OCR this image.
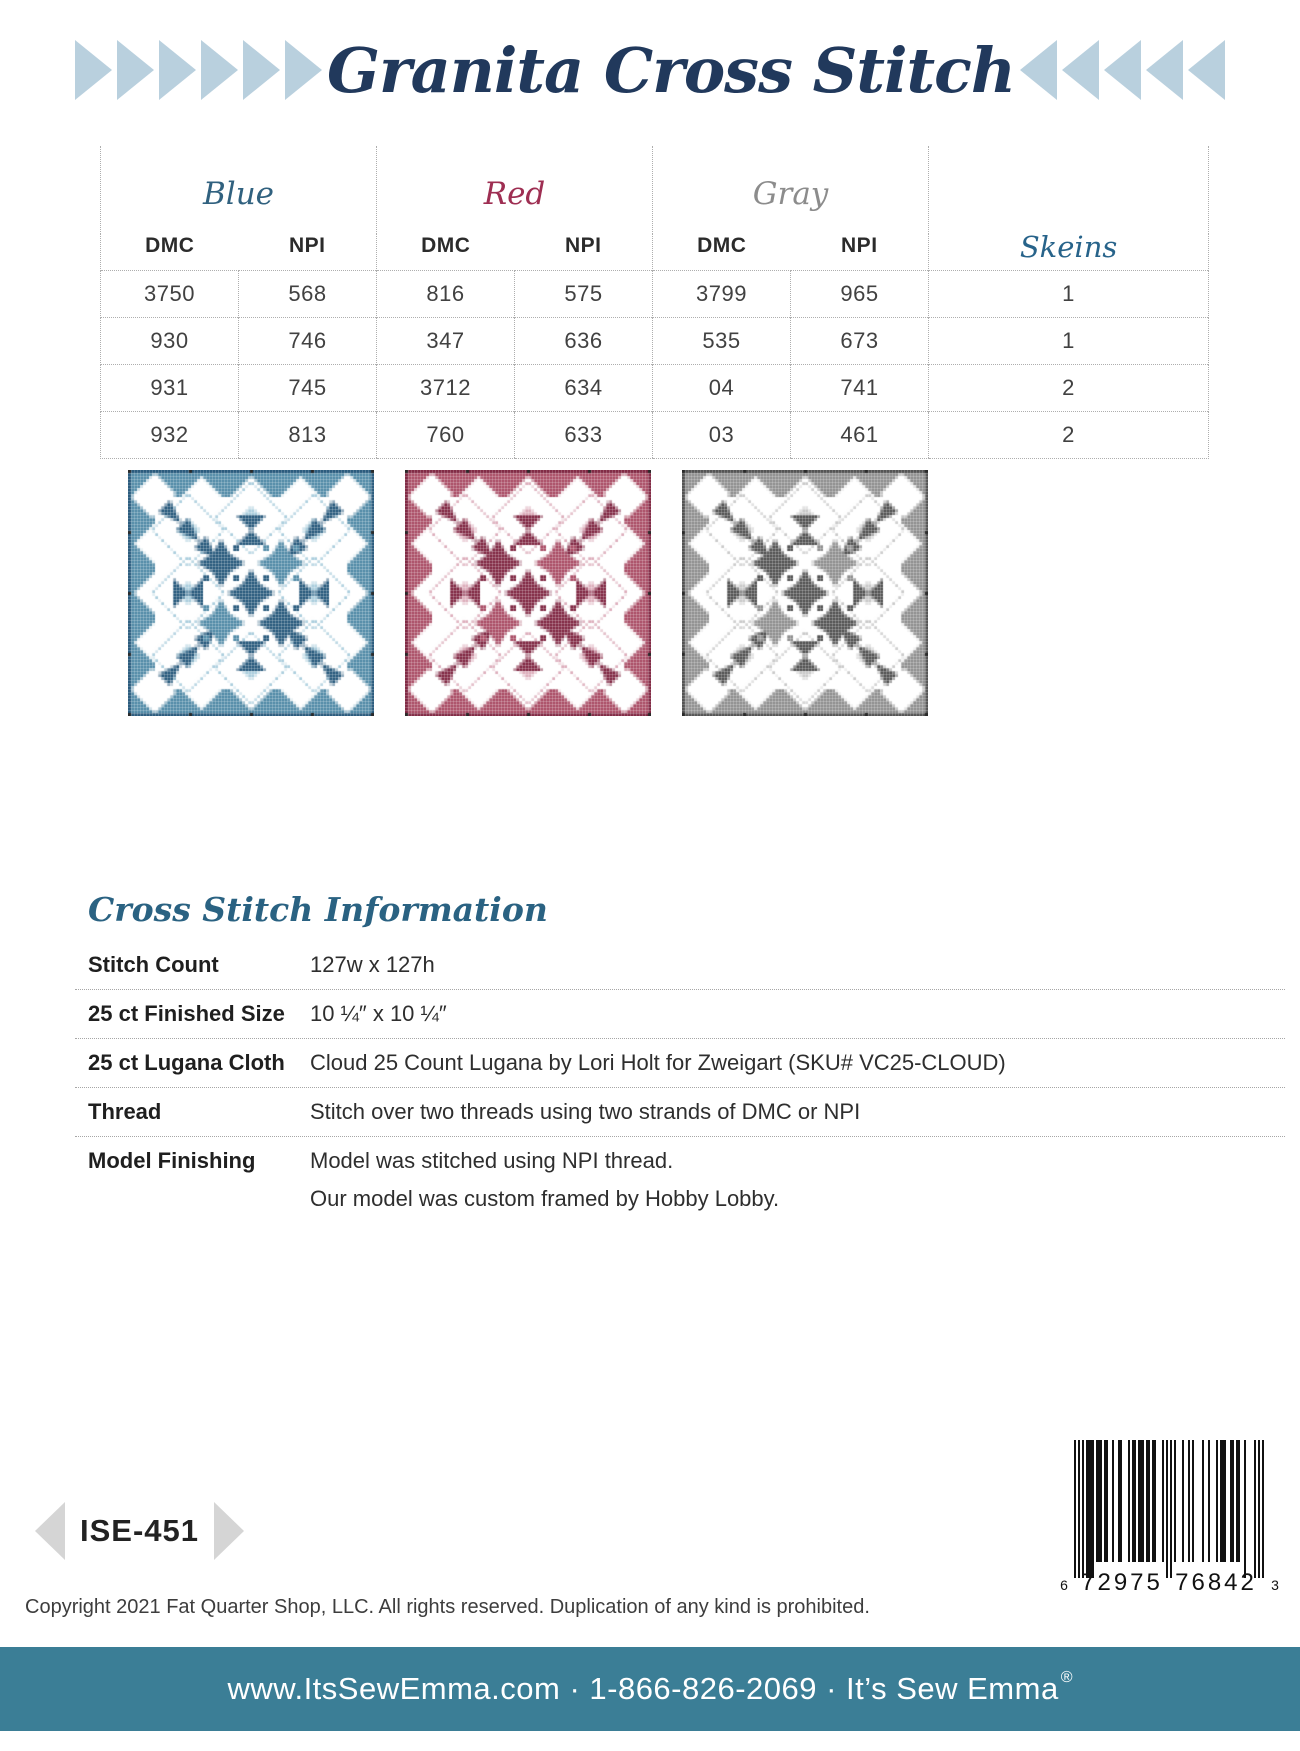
Granita Cross Stitch
Blue		Red		Gray		Skeins
DMC	NPI	DMC	NPI	DMC	NPI	
3750	568	816	575	3799	965	1
930	746	347	636	535	673	1
931	745	3712	634	04	741	2
932	813	760	633	03	461	2
Cross Stitch Information
Stitch Count	127w x 127h
25 ct Finished Size	10 ¼″ x 10 ¼″
25 ct Lugana Cloth	Cloud 25 Count Lugana by Lori Holt for Zweigart (SKU# VC25-CLOUD)
Thread	Stitch over two threads using two strands of DMC or NPI
Model Finishing	Model was stitched using NPI thread.
Our model was custom framed by Hobby Lobby.
ISE-451
6 72975 76842 3

Copyright 2021 Fat Quarter Shop, LLC. All rights reserved. Duplication of any kind is prohibited.

www.ItsSewEmma.com · 1-866-826-2069 · It’s Sew Emma ®
